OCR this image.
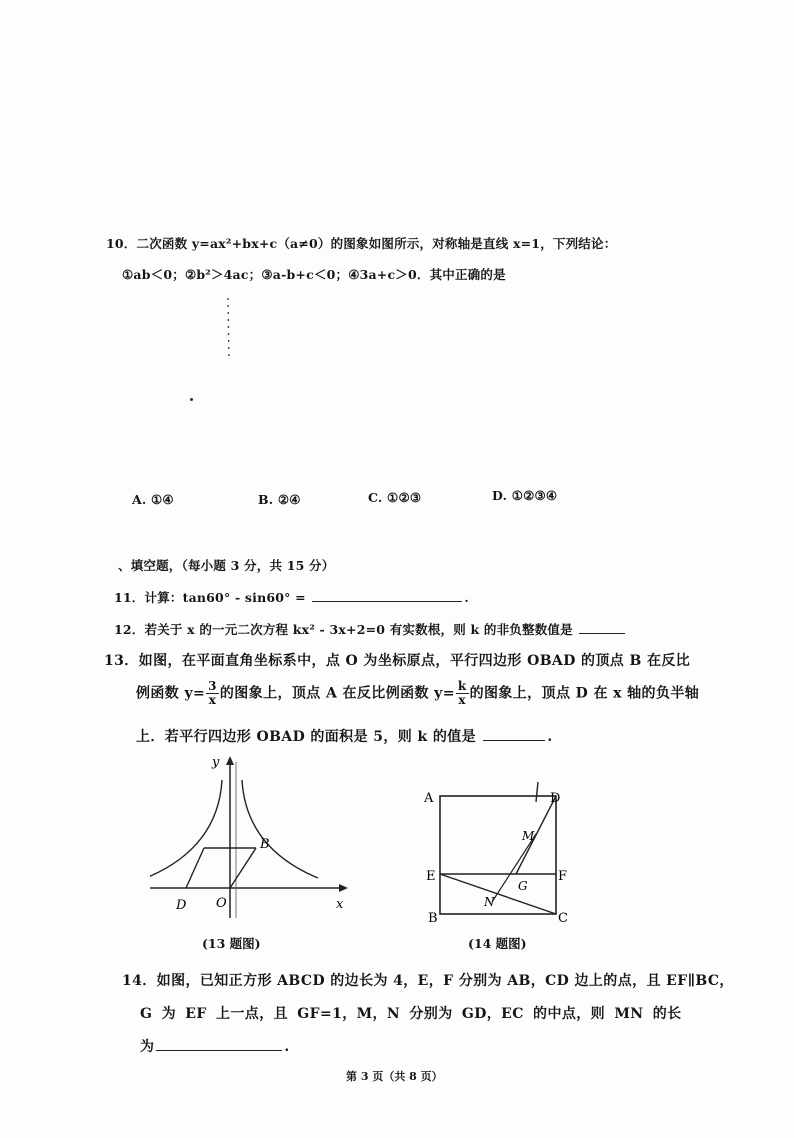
10．二次函数 y=ax²+bx+c（a≠0）的图象如图所示，对称轴是直线 x=1，下列结论：
①ab＜0；②b²＞4ac；③a-b+c＜0；④3a+c＞0．其中正确的是
A. ①④	B. ②④	C. ①②③	D. ①②③④
、填空题，（每小题 3 分，共 15 分）
11．计算：tan60° - sin60° =	.
12．若关于 x 的一元二次方程 kx² - 3x+2=0 有实数根，则 k 的非负整数值是
13．如图，在平面直角坐标系中，点 O 为坐标原点，平行四边形 OBAD 的顶点 B 在反比
例函数 $y= \frac{3}{x}$ 的图象上，顶点 A 在反比例函数 $y= \frac{k}{x}$ 的图象上，顶点 D 在 x 轴的负半轴
上．若平行四边形 OBAD 的面积是 5，则 k 的值是	.
y
x
B
D O
(13 题图)
A	D
E	F
B	C
G
N
M
(14 题图)
14．如图，已知正方形 ABCD 的边长为 4，E，F 分别为 AB，CD 边上的点，且 EF∥BC，
G 为 EF 上一点，且 GF=1，M，N 分别为 GD，EC 的中点，则 MN 的长
为	.
第 3 页（共 8 页）
